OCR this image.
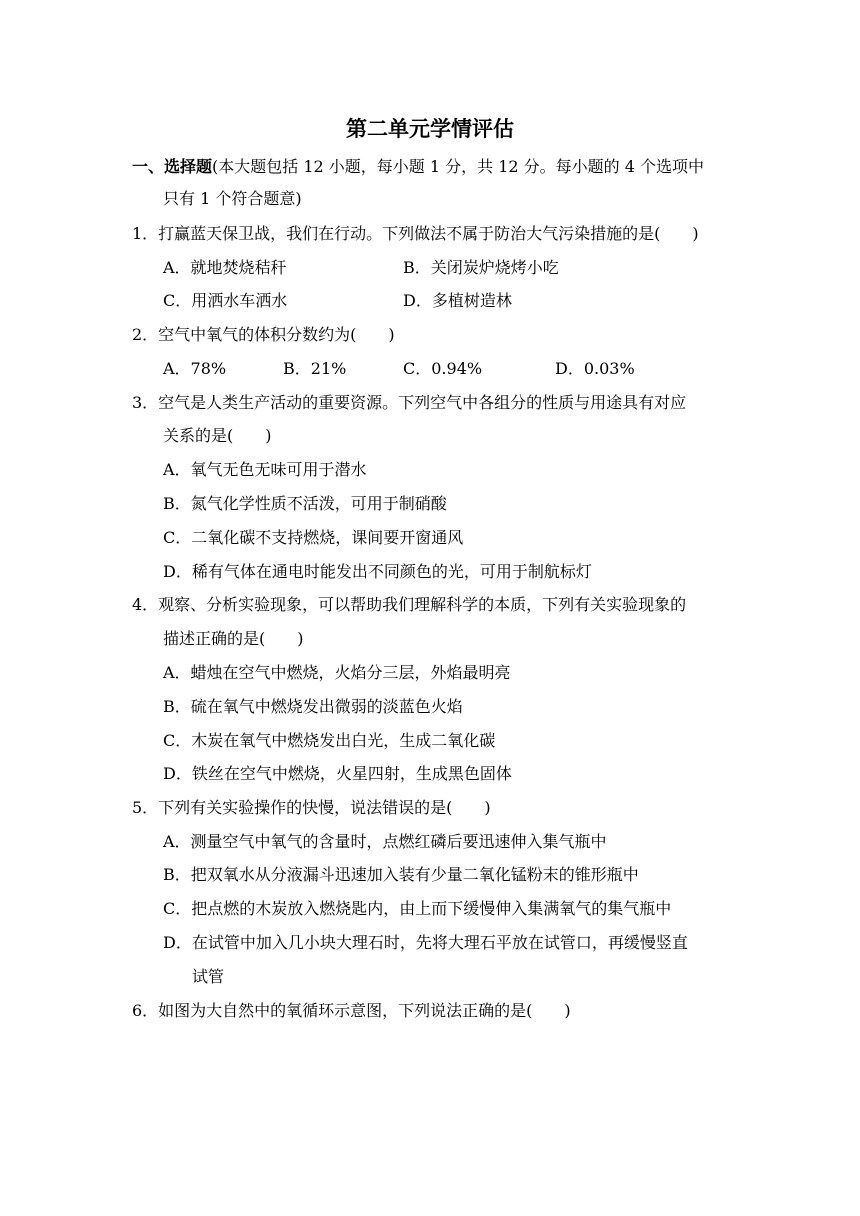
第二单元学情评估
一、选择题(本大题包括 12 小题，每小题 1 分，共 12 分。每小题的 4 个选项中
只有 1 个符合题意)
1．打赢蓝天保卫战，我们在行动。下列做法不属于防治大气污染措施的是(　　)
A．就地焚烧秸秆	B．关闭炭炉烧烤小吃
C．用洒水车洒水	D．多植树造林
2．空气中氧气的体积分数约为(　　)
A．78%	B．21%	C．0.94%	D．0.03%
3．空气是人类生产活动的重要资源。下列空气中各组分的性质与用途具有对应
关系的是(　　)
A．氧气无色无味可用于潜水
B．氮气化学性质不活泼，可用于制硝酸
C．二氧化碳不支持燃烧，课间要开窗通风
D．稀有气体在通电时能发出不同颜色的光，可用于制航标灯
4．观察、分析实验现象，可以帮助我们理解科学的本质，下列有关实验现象的
描述正确的是(　　)
A．蜡烛在空气中燃烧，火焰分三层，外焰最明亮
B．硫在氧气中燃烧发出微弱的淡蓝色火焰
C．木炭在氧气中燃烧发出白光，生成二氧化碳
D．铁丝在空气中燃烧，火星四射，生成黑色固体
5．下列有关实验操作的快慢，说法错误的是(　　)
A．测量空气中氧气的含量时，点燃红磷后要迅速伸入集气瓶中
B．把双氧水从分液漏斗迅速加入装有少量二氧化锰粉末的锥形瓶中
C．把点燃的木炭放入燃烧匙内，由上而下缓慢伸入集满氧气的集气瓶中
D．在试管中加入几小块大理石时，先将大理石平放在试管口，再缓慢竖直
试管
6．如图为大自然中的氧循环示意图，下列说法正确的是(　　)
